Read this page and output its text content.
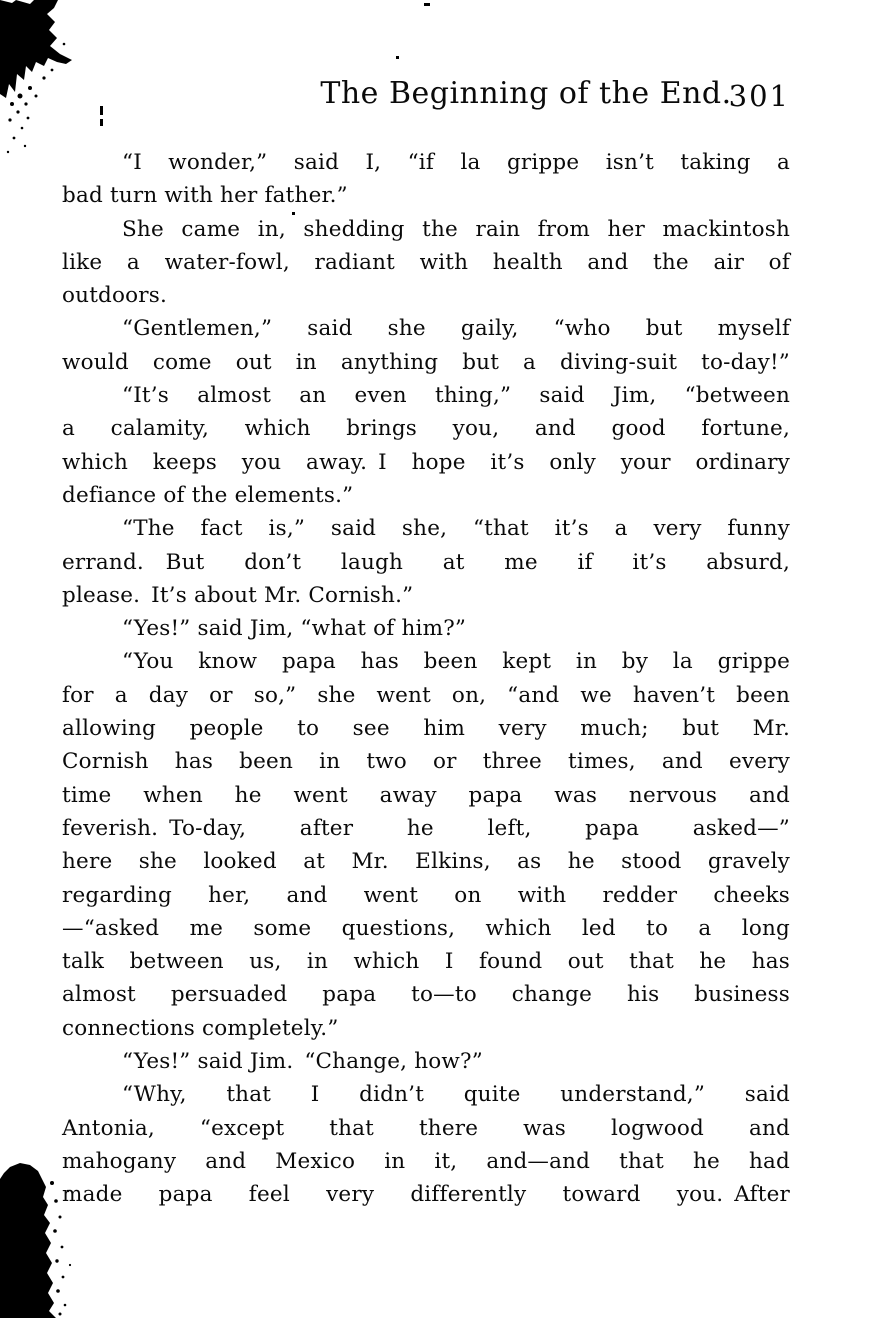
The Beginning of the End.
301
“I wonder,” said I, “if la grippe isn’t taking a
bad turn with her father.”
She came in, shedding the rain from her mackintosh
like a water-fowl, radiant with health and the air of
outdoors.
“Gentlemen,” said she gaily, “who but myself
would come out in anything but a diving-suit to-day!”
“It’s almost an even thing,” said Jim, “between
a calamity, which brings you, and good fortune,
which keeps you away. I hope it’s only your ordinary
defiance of the elements.”
“The fact is,” said she, “that it’s a very funny
errand. But don’t laugh at me if it’s absurd,
please. It’s about Mr. Cornish.”
“Yes!” said Jim, “what of him?”
“You know papa has been kept in by la grippe
for a day or so,” she went on, “and we haven’t been
allowing people to see him very much; but Mr.
Cornish has been in two or three times, and every
time when he went away papa was nervous and
feverish. To-day, after he left, papa asked—”
here she looked at Mr. Elkins, as he stood gravely
regarding her, and went on with redder cheeks
—“asked me some questions, which led to a long
talk between us, in which I found out that he has
almost persuaded papa to—to change his business
connections completely.”
“Yes!” said Jim. “Change, how?”
“Why, that I didn’t quite understand,” said
Antonia, “except that there was logwood and
mahogany and Mexico in it, and—and that he had
made papa feel very differently toward you. After
